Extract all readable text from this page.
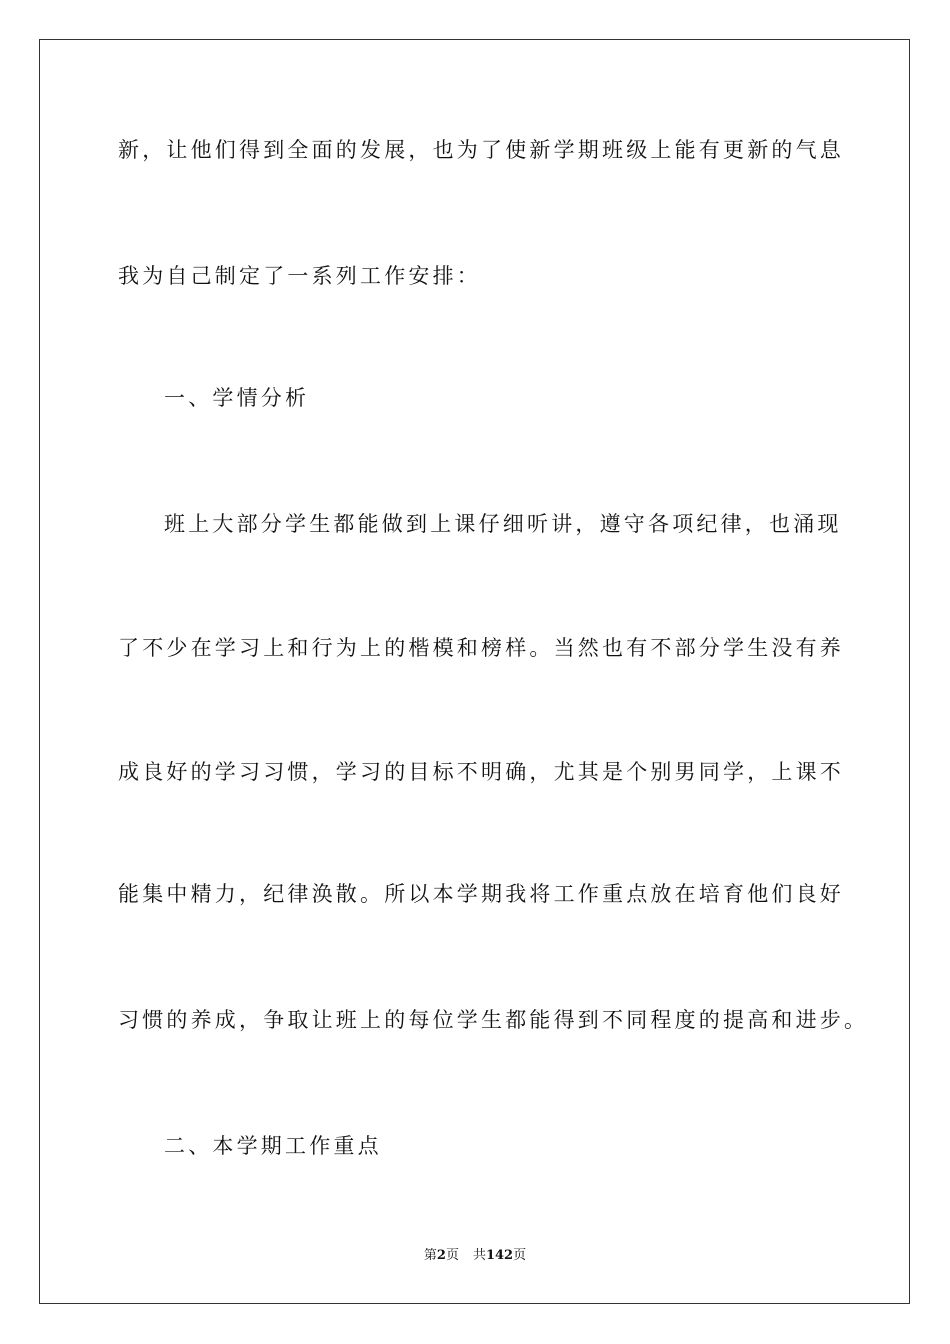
新，让他们得到全面的发展，也为了使新学期班级上能有更新的气息
我为自己制定了一系列工作安排：
一、学情分析
班上大部分学生都能做到上课仔细听讲，遵守各项纪律，也涌现
了不少在学习上和行为上的楷模和榜样。当然也有不部分学生没有养
成良好的学习习惯，学习的目标不明确，尤其是个别男同学，上课不
能集中精力，纪律涣散。所以本学期我将工作重点放在培育他们良好
习惯的养成，争取让班上的每位学生都能得到不同程度的提高和进步。
二、本学期工作重点
第2页 共142页
